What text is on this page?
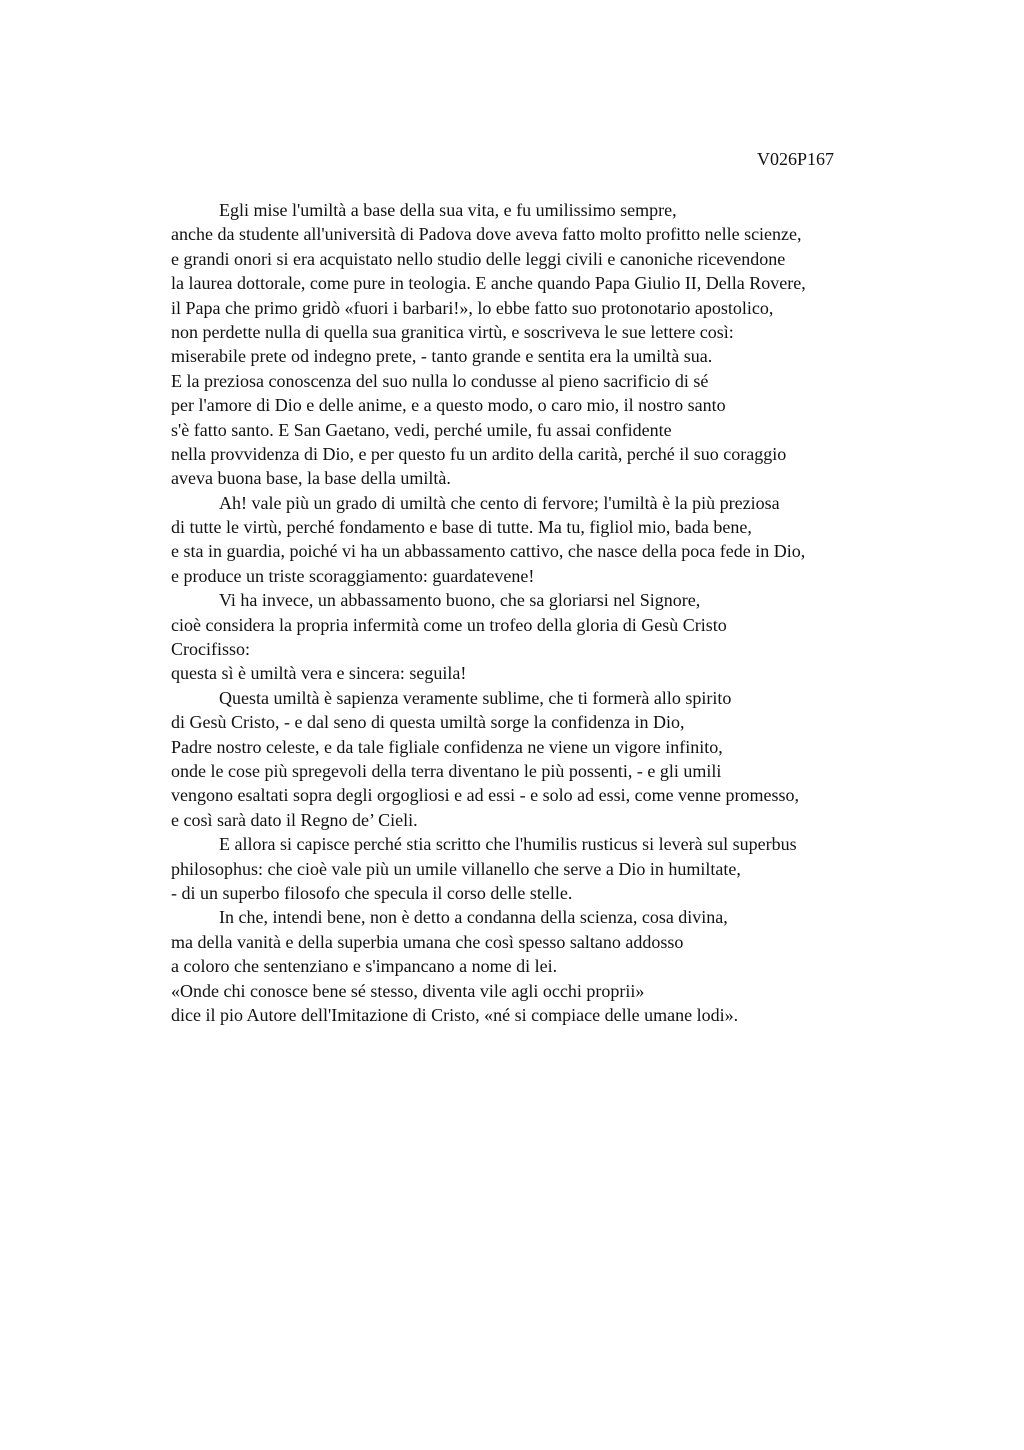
V026P167
Egli mise l'umiltà a base della sua vita, e fu umilissimo sempre,
anche da studente all'università di Padova dove aveva fatto molto profitto nelle scienze,
e grandi onori si era acquistato nello studio delle leggi civili e canoniche ricevendone
la laurea dottorale, come pure in teologia. E anche quando Papa Giulio II, Della Rovere,
il Papa che primo gridò «fuori i barbari!», lo ebbe fatto suo protonotario apostolico,
non perdette nulla di quella sua granitica virtù, e soscriveva le sue lettere così:
miserabile prete od indegno prete, - tanto grande e sentita era la umiltà sua.
E la preziosa conoscenza del suo nulla lo condusse al pieno sacrificio di sé
per l'amore di Dio e delle anime, e a questo modo, o caro mio, il nostro santo
s'è fatto santo. E San Gaetano, vedi, perché umile, fu assai confidente
nella provvidenza di Dio, e per questo fu un ardito della carità, perché il suo coraggio
aveva buona base, la base della umiltà.
Ah! vale più un grado di umiltà che cento di fervore; l'umiltà è la più preziosa
di tutte le virtù, perché fondamento e base di tutte. Ma tu, figliol mio, bada bene,
e sta in guardia, poiché vi ha un abbassamento cattivo, che nasce della poca fede in Dio,
e produce un triste scoraggiamento: guardatevene!
Vi ha invece, un abbassamento buono, che sa gloriarsi nel Signore,
cioè considera la propria infermità come un trofeo della gloria di Gesù Cristo
Crocifisso:
questa sì è umiltà vera e sincera: seguila!
Questa umiltà è sapienza veramente sublime, che ti formerà allo spirito
di Gesù Cristo, - e dal seno di questa umiltà sorge la confidenza in Dio,
Padre nostro celeste, e da tale figliale confidenza ne viene un vigore infinito,
onde le cose più spregevoli della terra diventano le più possenti, - e gli umili
vengono esaltati sopra degli orgogliosi e ad essi - e solo ad essi, come venne promesso,
e così sarà dato il Regno de’ Cieli.
E allora si capisce perché stia scritto che l'humilis rusticus si leverà sul superbus
philosophus: che cioè vale più un umile villanello che serve a Dio in humiltate,
- di un superbo filosofo che specula il corso delle stelle.
In che, intendi bene, non è detto a condanna della scienza, cosa divina,
ma della vanità e della superbia umana che così spesso saltano addosso
a coloro che sentenziano e s'impancano a nome di lei.
«Onde chi conosce bene sé stesso, diventa vile agli occhi proprii»
dice il pio Autore dell'Imitazione di Cristo, «né si compiace delle umane lodi».
